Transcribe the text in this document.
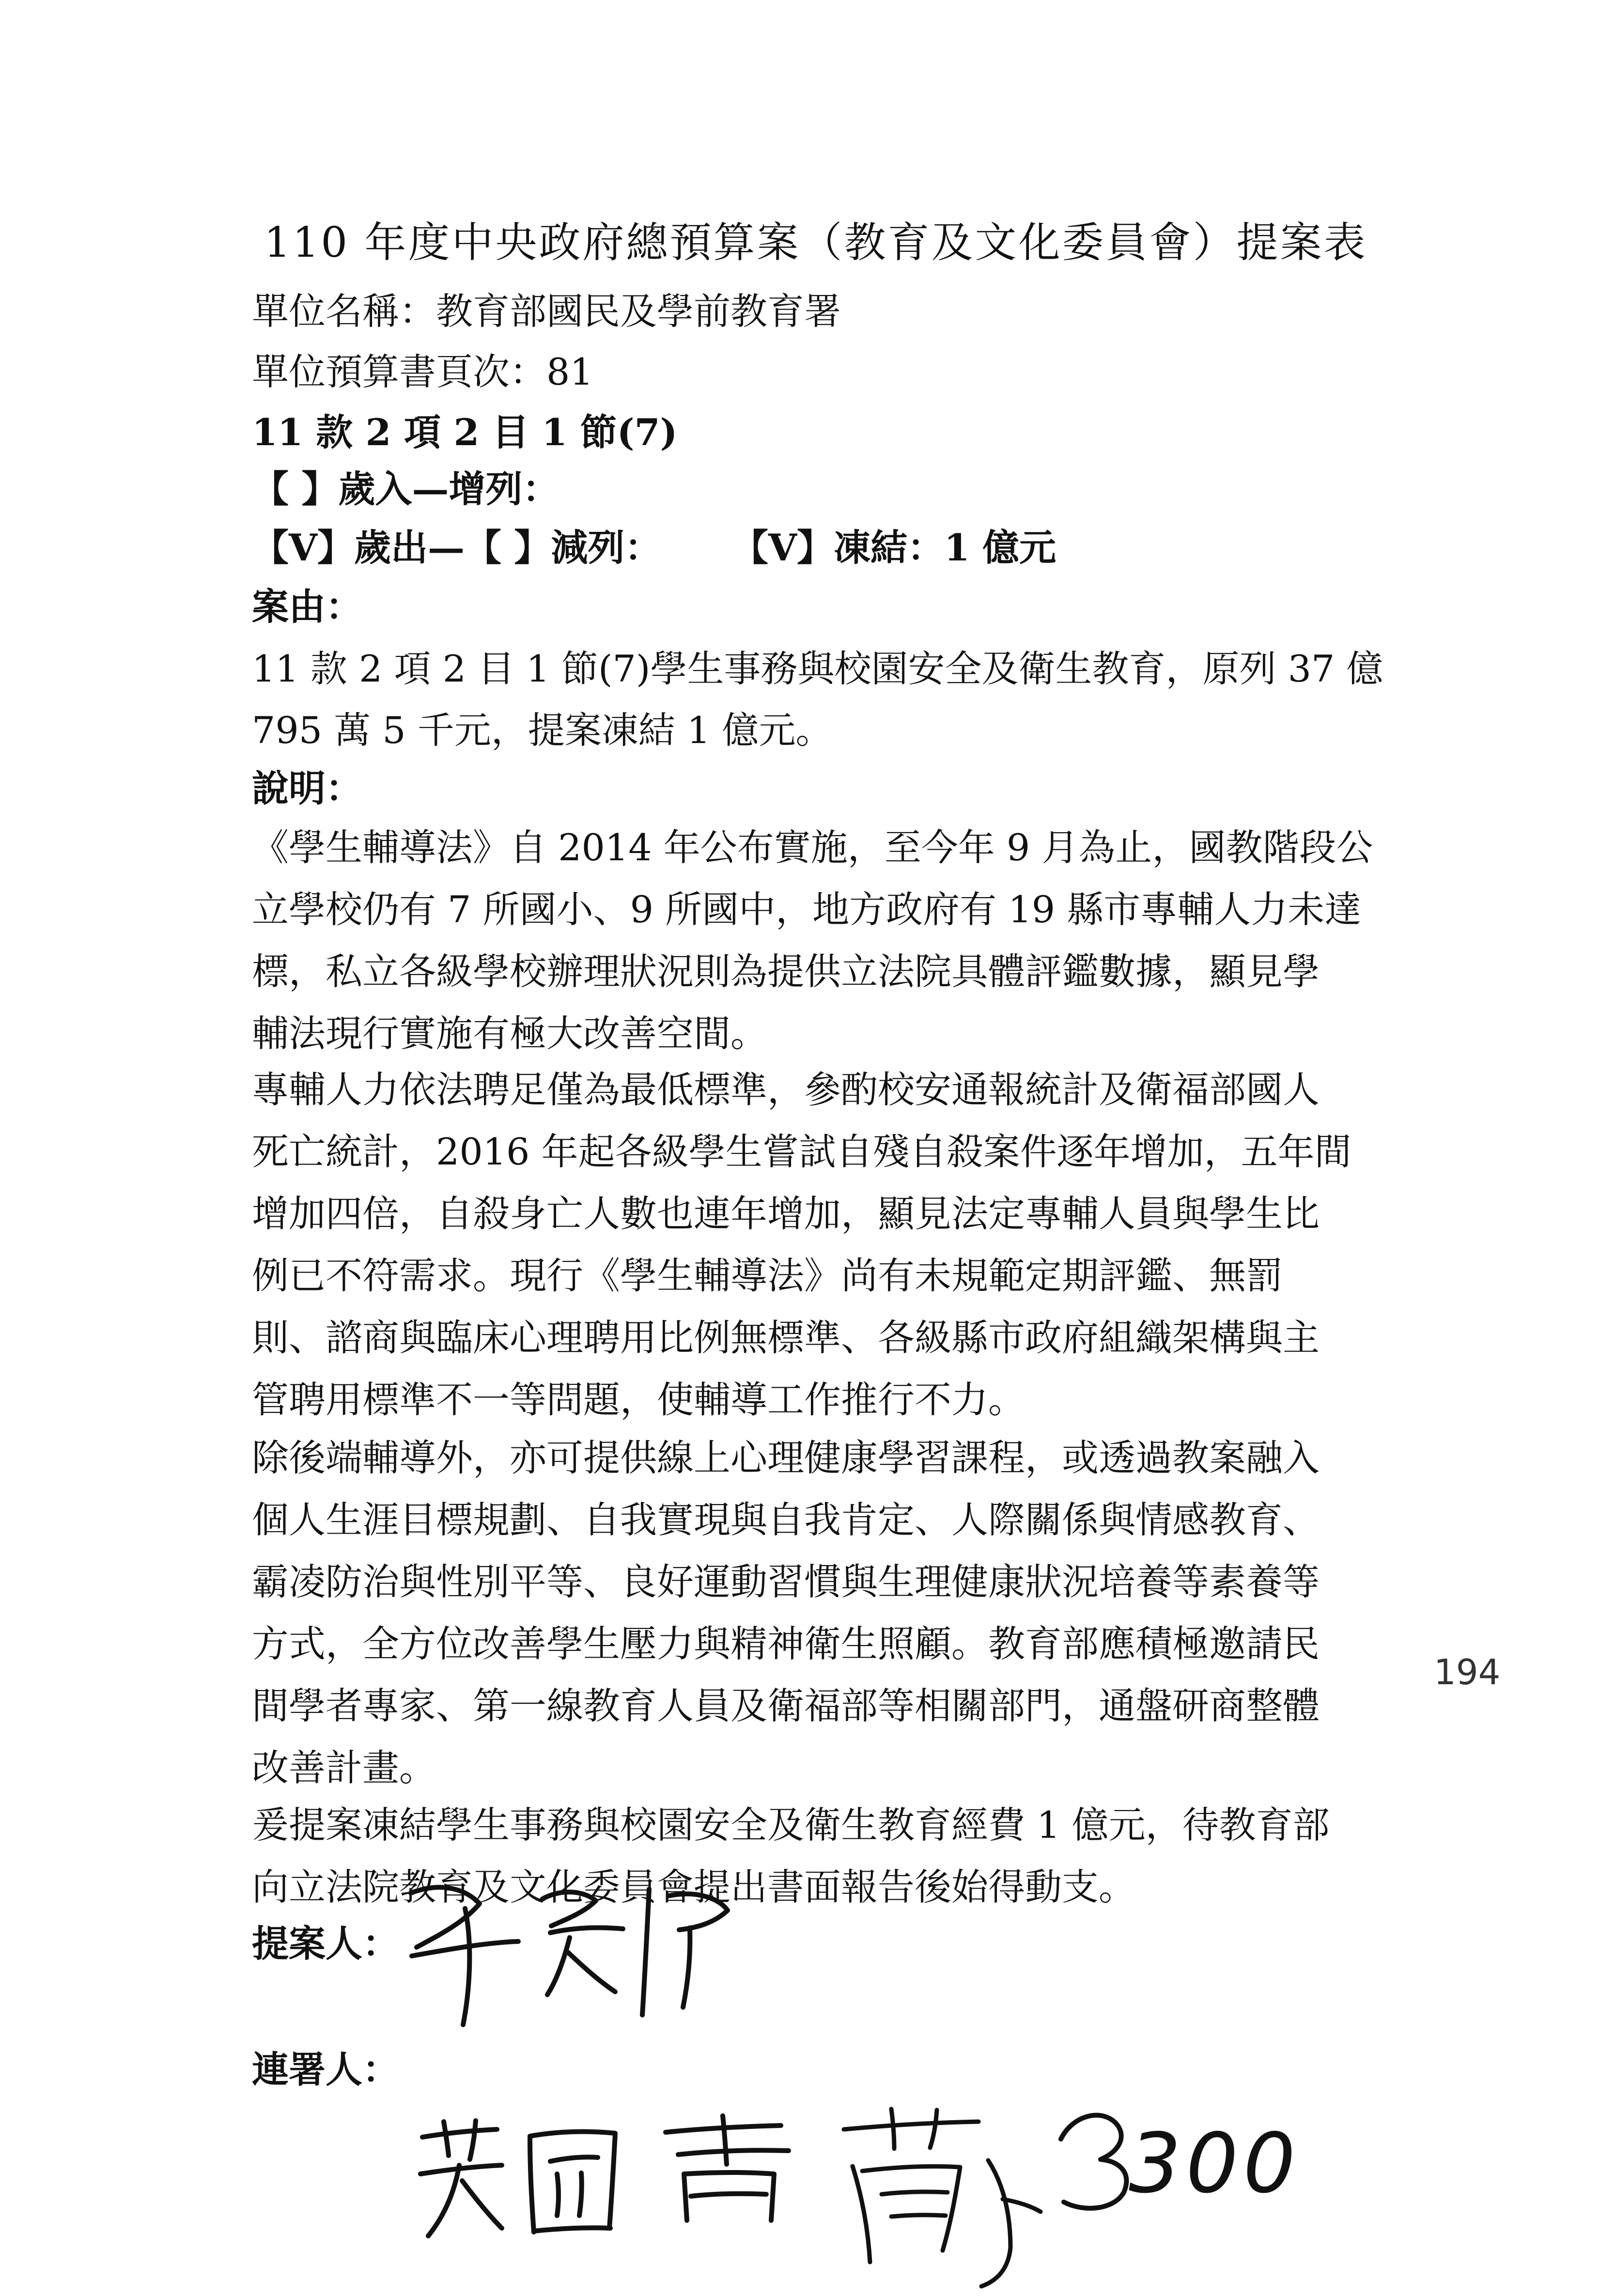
110 年度中央政府總預算案（教育及文化委員會）提案表
單位名稱：教育部國民及學前教育署
單位預算書頁次：81
11 款 2 項 2 目 1 節(7)
【 】歲入—增列：
【V】歲出—【 】減列： 【V】凍結：1 億元
案由：
11 款 2 項 2 目 1 節(7)學生事務與校園安全及衛生教育，原列 37 億
795 萬 5 千元，提案凍結 1 億元。
說明：
《學生輔導法》自 2014 年公布實施，至今年 9 月為止，國教階段公
立學校仍有 7 所國小、9 所國中，地方政府有 19 縣市專輔人力未達
標，私立各級學校辦理狀況則為提供立法院具體評鑑數據，顯見學
輔法現行實施有極大改善空間。
專輔人力依法聘足僅為最低標準，參酌校安通報統計及衛福部國人
死亡統計，2016 年起各級學生嘗試自殘自殺案件逐年增加，五年間
增加四倍，自殺身亡人數也連年增加，顯見法定專輔人員與學生比
例已不符需求。現行《學生輔導法》尚有未規範定期評鑑、無罰
則、諮商與臨床心理聘用比例無標準、各級縣市政府組織架構與主
管聘用標準不一等問題，使輔導工作推行不力。
除後端輔導外，亦可提供線上心理健康學習課程，或透過教案融入
個人生涯目標規劃、自我實現與自我肯定、人際關係與情感教育、
霸凌防治與性別平等、良好運動習慣與生理健康狀況培養等素養等
方式，全方位改善學生壓力與精神衛生照顧。教育部應積極邀請民
間學者專家、第一線教育人員及衛福部等相關部門，通盤研商整體
改善計畫。
爰提案凍結學生事務與校園安全及衛生教育經費 1 億元，待教育部
向立法院教育及文化委員會提出書面報告後始得動支。
提案人：
連署人：
300
194
